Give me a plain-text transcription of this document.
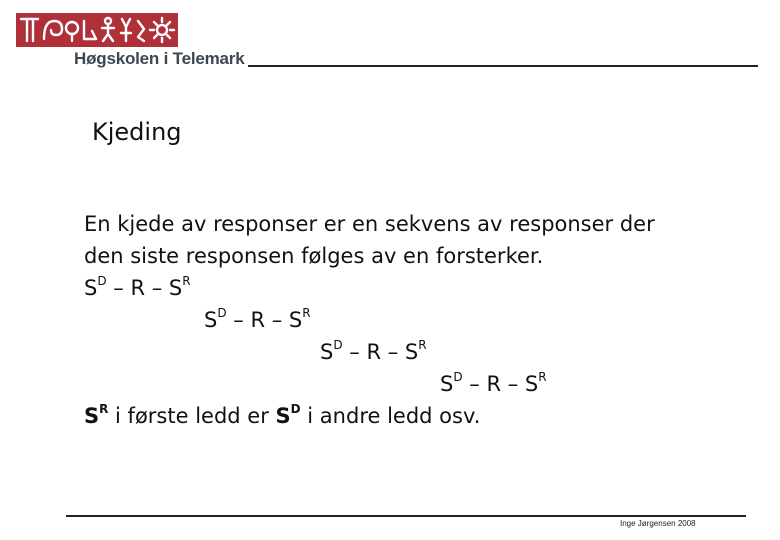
Høgskolen i Telemark
Kjeding
En kjede av responser er en sekvens av responser der
den siste responsen følges av en forsterker.
$S^D$ – R – $S^R$
$S^D$ – R – $S^R$
$S^D$ – R – $S^R$
$S^D$ – R – $S^R$
$S^R$ i første ledd er $S^D$ i andre ledd osv.
Inge Jørgensen 2008
